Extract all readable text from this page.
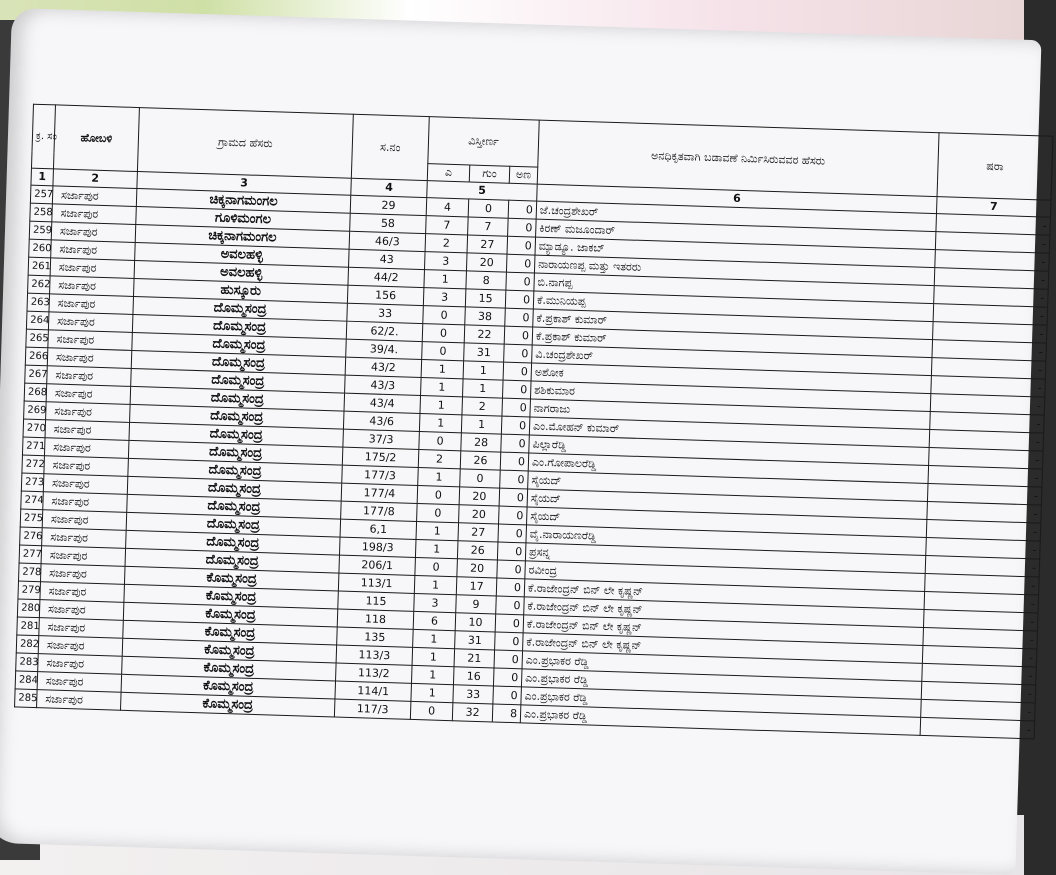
ಕ್ರ. ಸಂ	ಹೋಬಳಿ	ಗ್ರಾಮದ ಹೆಸರು	ಸ.ನಂ	ವಿಸ್ತೀರ್ಣ			ಅನಧಿಕೃತವಾಗಿ ಬಡಾವಣೆ ನಿರ್ಮಿಸಿರುವವರ ಹೆಸರು	ಷರಾ
				ಎ	ಗುಂ	ಅಣ		
1	2	3	4	5			6	7
257	ಸರ್ಜಾಪುರ	ಚಿಕ್ಕನಾಗಮಂಗಲ	29	4	0	0	ಜೆ.ಚಂದ್ರಶೇಖರ್	-
258	ಸರ್ಜಾಪುರ	ಗೂಳಿಮಂಗಲ	58	7	7	0	ಕಿರಣ್ ಮಜೂಂದಾರ್	-
259	ಸರ್ಜಾಪುರ	ಚಿಕ್ಕನಾಗಮಂಗಲ	46/3	2	27	0	ಮ್ಯಾಡ್ಯೂ. ಜಾಕಬ್	-
260	ಸರ್ಜಾಪುರ	ಅವಲಹಳ್ಳಿ	43	3	20	0	ನಾರಾಯಣಪ್ಪ ಮತ್ತು ಇತರರು	-
261	ಸರ್ಜಾಪುರ	ಅವಲಹಳ್ಳಿ	44/2	1	8	0	ಬಿ.ನಾಗಪ್ಪ	-
262	ಸರ್ಜಾಪುರ	ಹುಸ್ಕೂರು	156	3	15	0	ಕೆ.ಮುನಿಯಪ್ಪ	-
263	ಸರ್ಜಾಪುರ	ದೊಮ್ಮಸಂದ್ರ	33	0	38	0	ಕೆ.ಪ್ರಕಾಶ್ ಕುಮಾರ್	-
264	ಸರ್ಜಾಪುರ	ದೊಮ್ಮಸಂದ್ರ	62/2.	0	22	0	ಕೆ.ಪ್ರಕಾಶ್ ಕುಮಾರ್	-
265	ಸರ್ಜಾಪುರ	ದೊಮ್ಮಸಂದ್ರ	39/4.	0	31	0	ವಿ.ಚಂದ್ರಶೇಖರ್	-
266	ಸರ್ಜಾಪುರ	ದೊಮ್ಮಸಂದ್ರ	43/2	1	1	0	ಅಶೋಕ	-
267	ಸರ್ಜಾಪುರ	ದೊಮ್ಮಸಂದ್ರ	43/3	1	1	0	ಶಶಿಕುಮಾರ	-
268	ಸರ್ಜಾಪುರ	ದೊಮ್ಮಸಂದ್ರ	43/4	1	2	0	ನಾಗರಾಜು	-
269	ಸರ್ಜಾಪುರ	ದೊಮ್ಮಸಂದ್ರ	43/6	1	1	0	ಎಂ.ಮೋಹನ್ ಕುಮಾರ್	-
270	ಸರ್ಜಾಪುರ	ದೊಮ್ಮಸಂದ್ರ	37/3	0	28	0	ಪಿಲ್ಲಾರೆಡ್ಡಿ	-
271	ಸರ್ಜಾಪುರ	ದೊಮ್ಮಸಂದ್ರ	175/2	2	26	0	ಎಂ.ಗೋಪಾಲರೆಡ್ಡಿ	-
272	ಸರ್ಜಾಪುರ	ದೊಮ್ಮಸಂದ್ರ	177/3	1	0	0	ಸೈಯದ್	-
273	ಸರ್ಜಾಪುರ	ದೊಮ್ಮಸಂದ್ರ	177/4	0	20	0	ಸೈಯದ್	-
274	ಸರ್ಜಾಪುರ	ದೊಮ್ಮಸಂದ್ರ	177/8	0	20	0	ಸೈಯದ್	-
275	ಸರ್ಜಾಪುರ	ದೊಮ್ಮಸಂದ್ರ	6,1	1	27	0	ವೈ.ನಾರಾಯಣರೆಡ್ಡಿ	-
276	ಸರ್ಜಾಪುರ	ದೊಮ್ಮಸಂದ್ರ	198/3	1	26	0	ಪ್ರಸನ್ನ	-
277	ಸರ್ಜಾಪುರ	ದೊಮ್ಮಸಂದ್ರ	206/1	0	20	0	ರವೀಂದ್ರ	-
278	ಸರ್ಜಾಪುರ	ಕೊಮ್ಮಸಂದ್ರ	113/1	1	17	0	ಕೆ.ರಾಜೇಂದ್ರನ್ ಬಿನ್ ಲೇ ಕೃಷ್ಣನ್	-
279	ಸರ್ಜಾಪುರ	ಕೊಮ್ಮಸಂದ್ರ	115	3	9	0	ಕೆ.ರಾಜೇಂದ್ರನ್ ಬಿನ್ ಲೇ ಕೃಷ್ಣನ್	-
280	ಸರ್ಜಾಪುರ	ಕೊಮ್ಮಸಂದ್ರ	118	6	10	0	ಕೆ.ರಾಜೇಂದ್ರನ್ ಬಿನ್ ಲೇ ಕೃಷ್ಣನ್	-
281	ಸರ್ಜಾಪುರ	ಕೊಮ್ಮಸಂದ್ರ	135	1	31	0	ಕೆ.ರಾಜೇಂದ್ರನ್ ಬಿನ್ ಲೇ ಕೃಷ್ಣನ್	-
282	ಸರ್ಜಾಪುರ	ಕೊಮ್ಮಸಂದ್ರ	113/3	1	21	0	ಎಂ.ಪ್ರಭಾಕರ ರೆಡ್ಡಿ	-
283	ಸರ್ಜಾಪುರ	ಕೊಮ್ಮಸಂದ್ರ	113/2	1	16	0	ಎಂ.ಪ್ರಭಾಕರ ರೆಡ್ಡಿ	-
284	ಸರ್ಜಾಪುರ	ಕೊಮ್ಮಸಂದ್ರ	114/1	1	33	0	ಎಂ.ಪ್ರಭಾಕರ ರೆಡ್ಡಿ	-
285	ಸರ್ಜಾಪುರ	ಕೊಮ್ಮಸಂದ್ರ	117/3	0	32	8	ಎಂ.ಪ್ರಭಾಕರ ರೆಡ್ಡಿ	-
